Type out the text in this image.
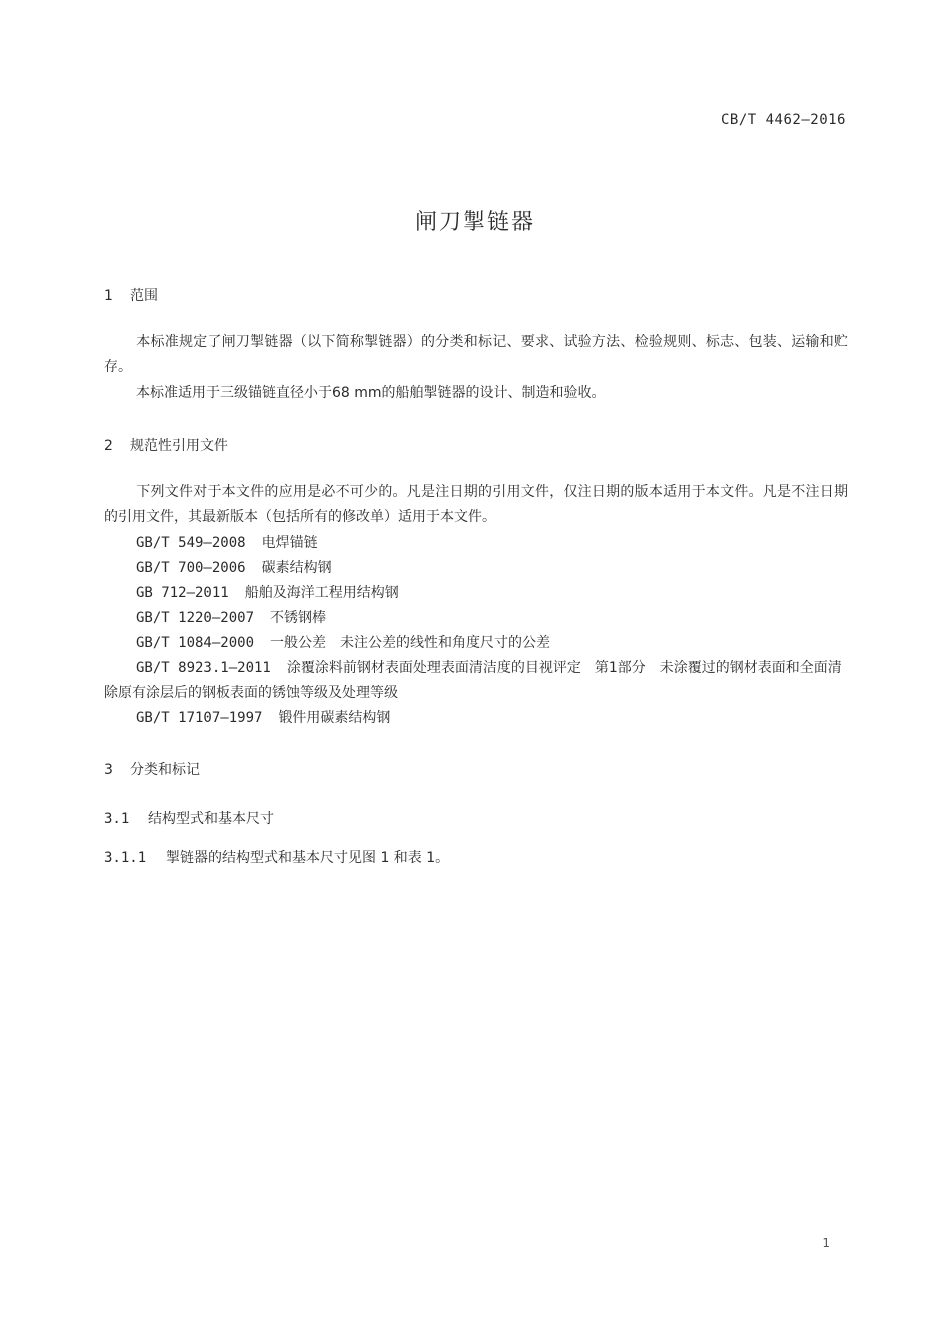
CB/T 4462—2016
闸刀掣链器
1 范围
本标准规定了闸刀掣链器（以下简称掣链器）的分类和标记、要求、试验方法、检验规则、标志、包装、运输和贮存。
本标准适用于三级锚链直径小于68 mm的船舶掣链器的设计、制造和验收。
2 规范性引用文件
下列文件对于本文件的应用是必不可少的。凡是注日期的引用文件，仅注日期的版本适用于本文件。凡是不注日期的引用文件，其最新版本（包括所有的修改单）适用于本文件。
GB/T 549—2008 电焊锚链
GB/T 700—2006 碳素结构钢
GB 712—2011 船舶及海洋工程用结构钢
GB/T 1220—2007 不锈钢棒
GB/T 1084—2000 一般公差　未注公差的线性和角度尺寸的公差
GB/T 8923.1—2011 涂覆涂料前钢材表面处理表面清洁度的目视评定　第1部分　未涂覆过的钢材表面和全面清除原有涂层后的钢板表面的锈蚀等级及处理等级
GB/T 17107—1997 锻件用碳素结构钢
3 分类和标记
3.1 结构型式和基本尺寸
3.1.1 掣链器的结构型式和基本尺寸见图 1 和表 1。
1
